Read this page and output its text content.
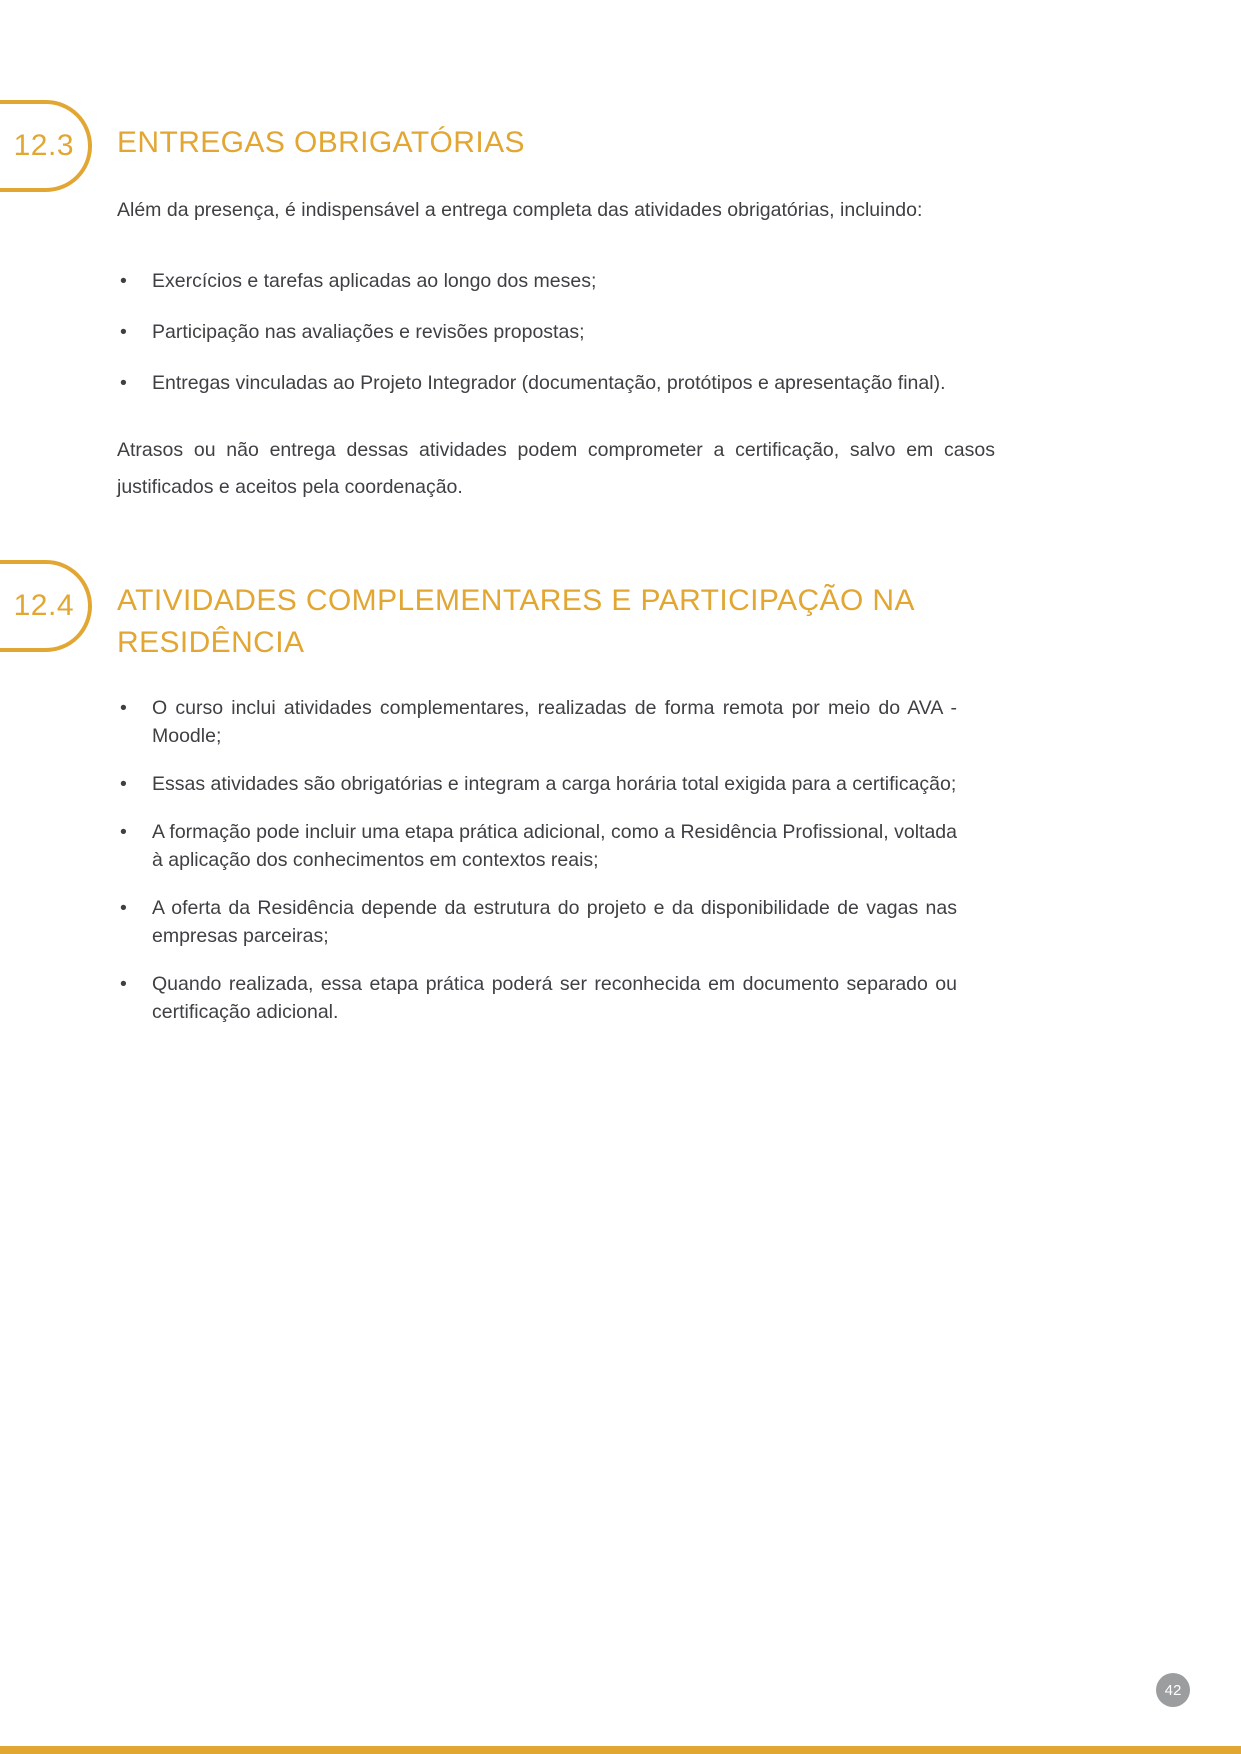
12.3	ENTREGAS OBRIGATÓRIAS

Além da presença, é indispensável a entrega completa das atividades obrigatórias, incluindo:

• Exercícios e tarefas aplicadas ao longo dos meses;
• Participação nas avaliações e revisões propostas;
• Entregas vinculadas ao Projeto Integrador (documentação, protótipos e apresentação final).

Atrasos ou não entrega dessas atividades podem comprometer a certificação, salvo em casos justificados e aceitos pela coordenação.

12.4	ATIVIDADES COMPLEMENTARES E PARTICIPAÇÃO NA RESIDÊNCIA
• O curso inclui atividades complementares, realizadas de forma remota por meio do AVA - Moodle;
• Essas atividades são obrigatórias e integram a carga horária total exigida para a certificação;
• A formação pode incluir uma etapa prática adicional, como a Residência Profissional, voltada à aplicação dos conhecimentos em contextos reais;
• A oferta da Residência depende da estrutura do projeto e da disponibilidade de vagas nas empresas parceiras;
• Quando realizada, essa etapa prática poderá ser reconhecida em documento separado ou certificação adicional.
42
